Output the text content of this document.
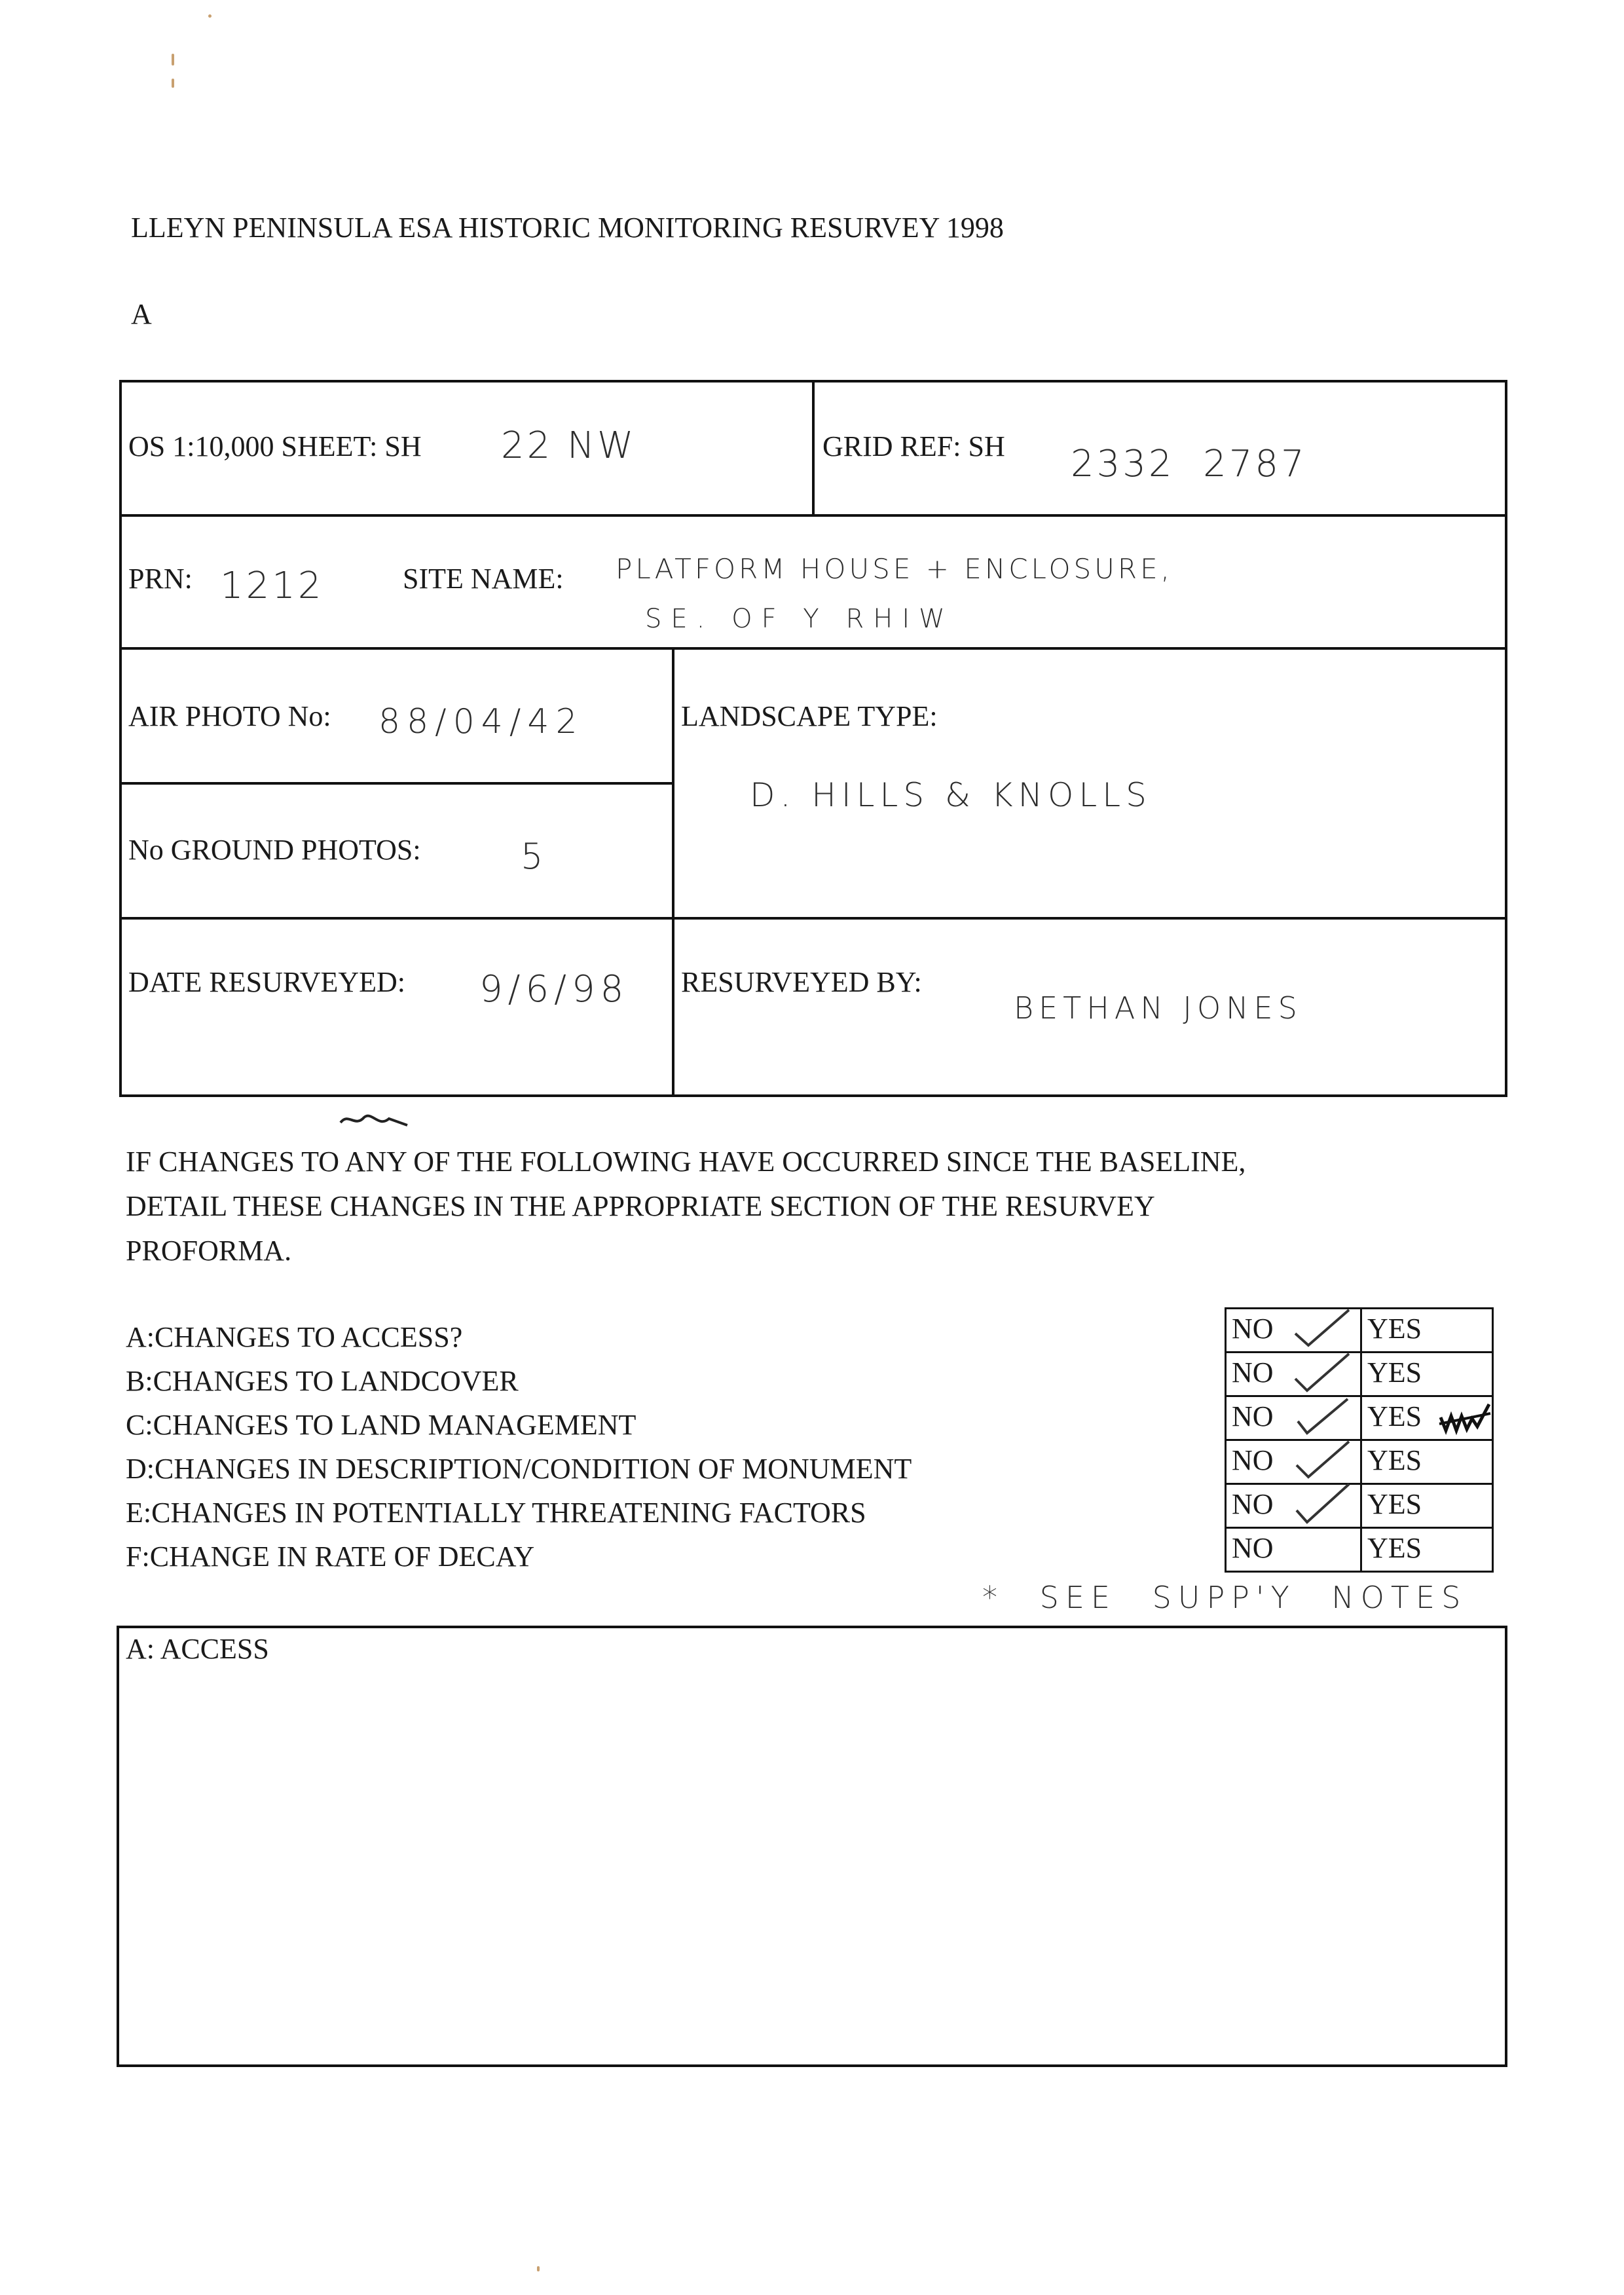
LLEYN PENINSULA ESA HISTORIC MONITORING RESURVEY 1998
A
OS 1:10,000 SHEET: SH 22 NW	GRID REF: SH 2332  2787
PRN: 1212	SITE NAME: PLATFORM HOUSE + ENCLOSURE,
SE. OF Y RHIW
AIR PHOTO No: 88/04/42	LANDSCAPE TYPE:
D. HILLS & KNOLLS
No GROUND PHOTOS:	5
DATE RESURVEYED: 9/6/98 RESURVEYED BY:
BETHAN JONES
IF CHANGES TO ANY OF THE FOLLOWING HAVE OCCURRED SINCE THE BASELINE,
DETAIL THESE CHANGES IN THE APPROPRIATE SECTION OF THE RESURVEY
PROFORMA.
A:CHANGES TO ACCESS?
B:CHANGES TO LANDCOVER
C:CHANGES TO LAND MANAGEMENT
D:CHANGES IN DESCRIPTION/CONDITION OF MONUMENT
E:CHANGES IN POTENTIALLY THREATENING FACTORS
F:CHANGE IN RATE OF DECAY
NO	YES
NO	YES
NO	YES
NO	YES
NO	YES
NO	YES
* SEE SUPP'Y NOTES
A: ACCESS
